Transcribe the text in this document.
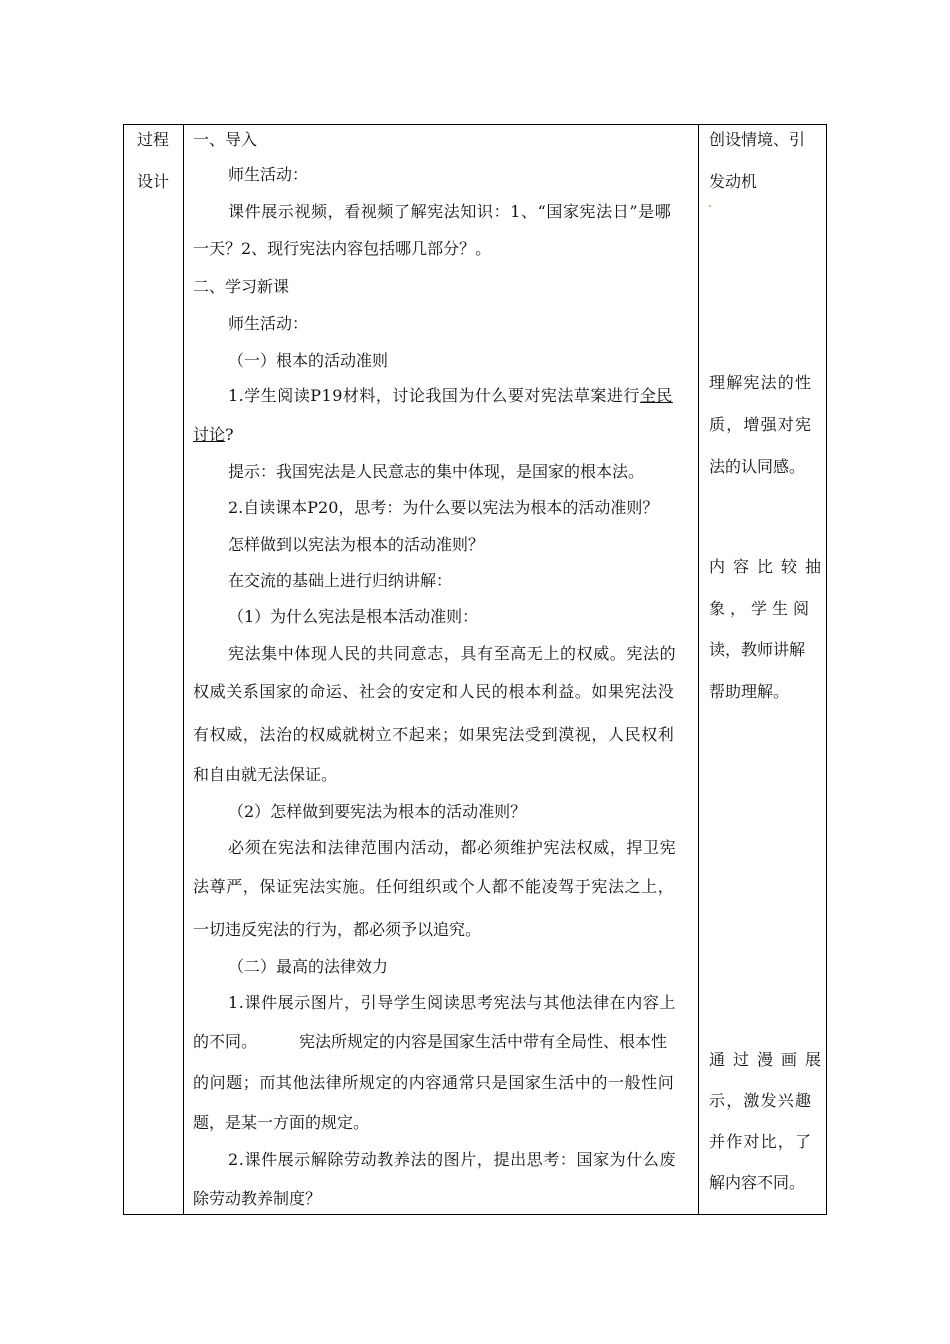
过程
设计
一、导入
师生活动：
课件展示视频，看视频了解宪法知识：1、“国家宪法日”是哪
一天？2、现行宪法内容包括哪几部分？。
二、学习新课
师生活动：
（一）根本的活动准则
1.学生阅读P19材料，讨论我国为什么要对宪法草案进行全民
讨论?
提示：我国宪法是人民意志的集中体现，是国家的根本法。
2.自读课本P20，思考：为什么要以宪法为根本的活动准则？
怎样做到以宪法为根本的活动准则？
在交流的基础上进行归纳讲解：
（1）为什么宪法是根本活动准则：
宪法集中体现人民的共同意志，具有至高无上的权威。宪法的
权威关系国家的命运、社会的安定和人民的根本利益。如果宪法没
有权威，法治的权威就树立不起来；如果宪法受到漠视，人民权利
和自由就无法保证。
（2）怎样做到要宪法为根本的活动准则？
必须在宪法和法律范围内活动，都必须维护宪法权威，捍卫宪
法尊严，保证宪法实施。任何组织或个人都不能凌驾于宪法之上，
一切违反宪法的行为，都必须予以追究。
（二）最高的法律效力
1.课件展示图片，引导学生阅读思考宪法与其他法律在内容上
的不同。	宪法所规定的内容是国家生活中带有全局性、根本性
的问题；而其他法律所规定的内容通常只是国家生活中的一般性问
题，是某一方面的规定。
2.课件展示解除劳动教养法的图片，提出思考：国家为什么废
除劳动教养制度？
创设情境、引
发动机
理解宪法的性
质，增强对宪
法的认同感。
内容比较抽
象，学生阅
读，教师讲解
帮助理解。
通过漫画展
示，激发兴趣
并作对比，了
解内容不同。
